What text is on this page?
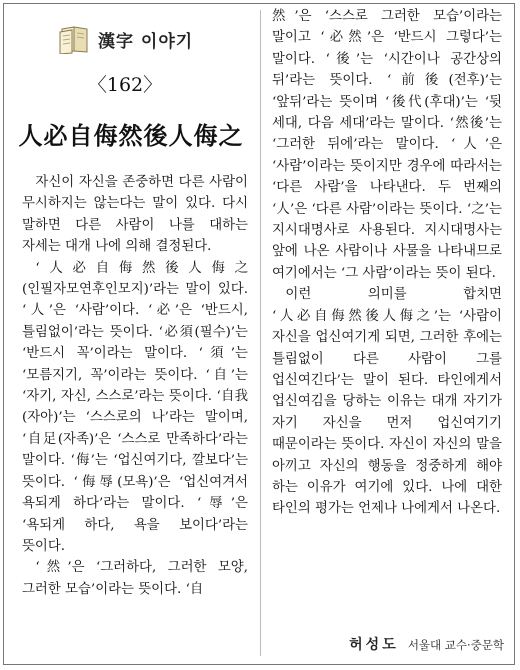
漢字 이야기
〈162〉
人必自侮然後人侮之

자신이 자신을 존중하면 다른 사람이 무시하지는 않는다는 말이 있다. 다시 말하면 다른 사람이 나를 대하는 자세는 대개 나에 의해 결정된다.

‘人必自侮然後人侮之(인필자모연후인모지)’라는 말이 있다. ‘人’은 ‘사람’이다. ‘必’은 ‘반드시, 틀림없이’라는 뜻이다. ‘必須(필수)’는 ‘반드시 꼭’이라는 말이다. ‘須’는 ‘모름지기, 꼭’이라는 뜻이다. ‘自’는 ‘자기, 자신, 스스로’라는 뜻이다. ‘自我(자아)’는 ‘스스로의 나’라는 말이며, ‘自足(자족)’은 ‘스스로 만족하다’라는 말이다. ‘侮’는 ‘업신여기다, 깔보다’는 뜻이다. ‘侮辱(모욕)’은 ‘업신여겨서 욕되게 하다’라는 말이다. ‘辱’은 ‘욕되게 하다, 욕을 보이다’라는 뜻이다.

‘然’은 ‘그러하다, 그러한 모양, 그러한 모습’이라는 뜻이다. ‘自

然’은 ‘스스로 그러한 모습’이라는 말이고 ‘必然’은 ‘반드시 그렇다’는 말이다. ‘後’는 ‘시간이나 공간상의 뒤’라는 뜻이다. ‘前後(전후)’는 ‘앞뒤’라는 뜻이며 ‘後代(후대)’는 ‘뒷 세대, 다음 세대’라는 말이다. ‘然後’는 ‘그러한 뒤에’라는 말이다. ‘人’은 ‘사람’이라는 뜻이지만 경우에 따라서는 ‘다른 사람’을 나타낸다. 두 번째의 ‘人’은 ‘다른 사람’이라는 뜻이다. ‘之’는 지시대명사로 사용된다. 지시대명사는 앞에 나온 사람이나 사물을 나타내므로 여기에서는 ‘그 사람’이라는 뜻이 된다.

이런 의미를 합치면 ‘人必自侮然後人侮之’는 ‘사람이 자신을 업신여기게 되면, 그러한 후에는 틀림없이 다른 사람이 그를 업신여긴다’는 말이 된다. 타인에게서 업신여김을 당하는 이유는 대개 자기가 자기 자신을 먼저 업신여기기 때문이라는 뜻이다. 자신이 자신의 말을 아끼고 자신의 행동을 정중하게 해야 하는 이유가 여기에 있다. 나에 대한 타인의 평가는 언제나 나에게서 나온다.

허성도 서울대 교수·중문학
